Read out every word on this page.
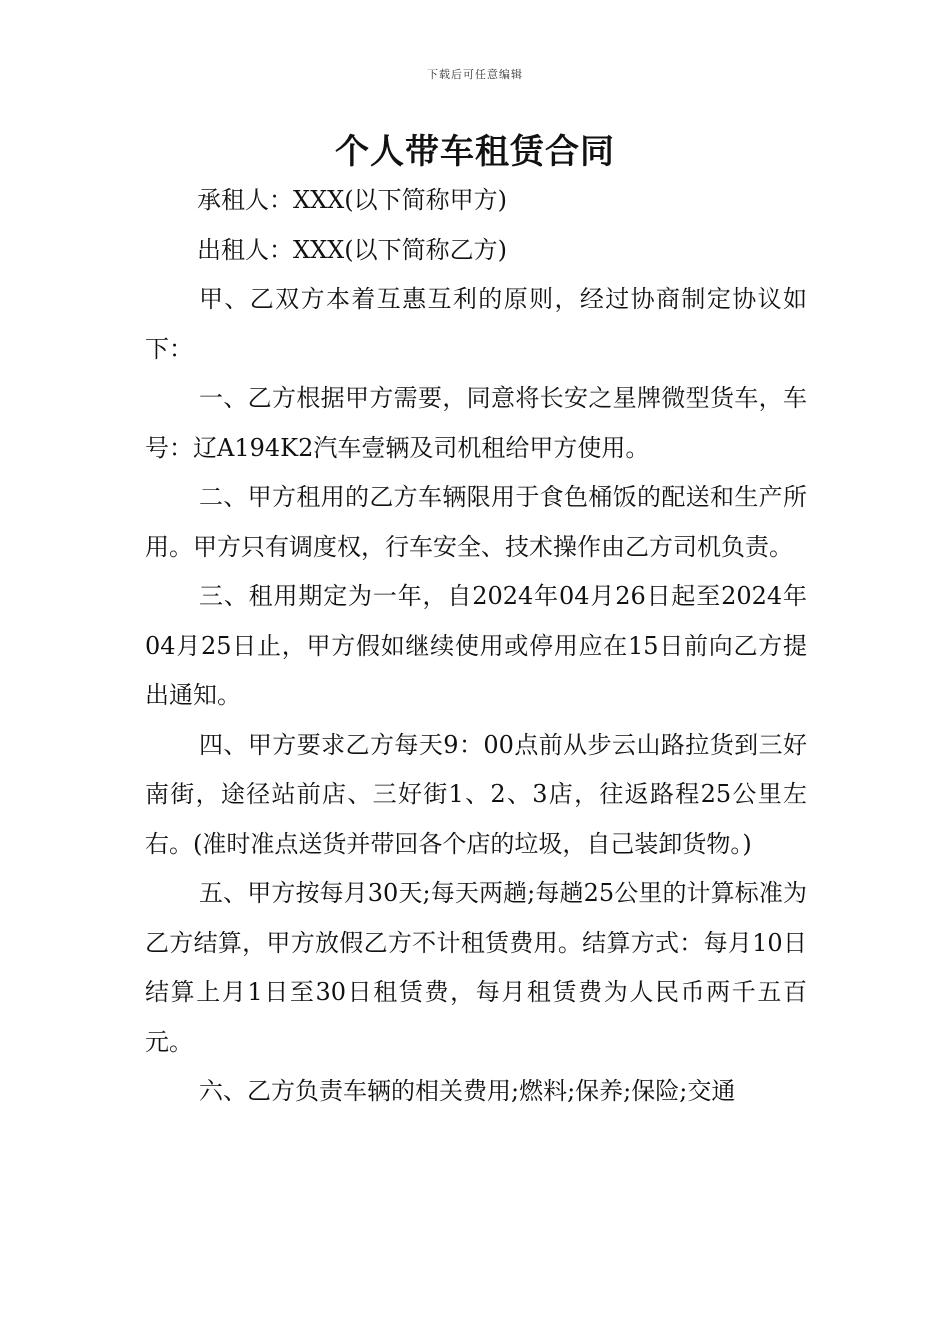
下载后可任意编辑
个人带车租赁合同

承租人：XXX(以下简称甲方)

出租人：XXX(以下简称乙方)

甲、乙双方本着互惠互利的原则，经过协商制定协议如下：

一、乙方根据甲方需要，同意将长安之星牌微型货车，车号：辽A194K2汽车壹辆及司机租给甲方使用。

二、甲方租用的乙方车辆限用于食色桶饭的配送和生产所用。甲方只有调度权，行车安全、技术操作由乙方司机负责。

三、租用期定为一年，自2024年04月26日起至2024年04月25日止，甲方假如继续使用或停用应在15日前向乙方提出通知。

四、甲方要求乙方每天9：00点前从步云山路拉货到三好南街，途径站前店、三好街1、2、3店，往返路程25公里左右。(准时准点送货并带回各个店的垃圾，自己装卸货物。)

五、甲方按每月30天;每天两趟;每趟25公里的计算标准为乙方结算，甲方放假乙方不计租赁费用。结算方式：每月10日结算上月1日至30日租赁费，每月租赁费为人民币两千五百元。

六、乙方负责车辆的相关费用;燃料;保养;保险;交通
